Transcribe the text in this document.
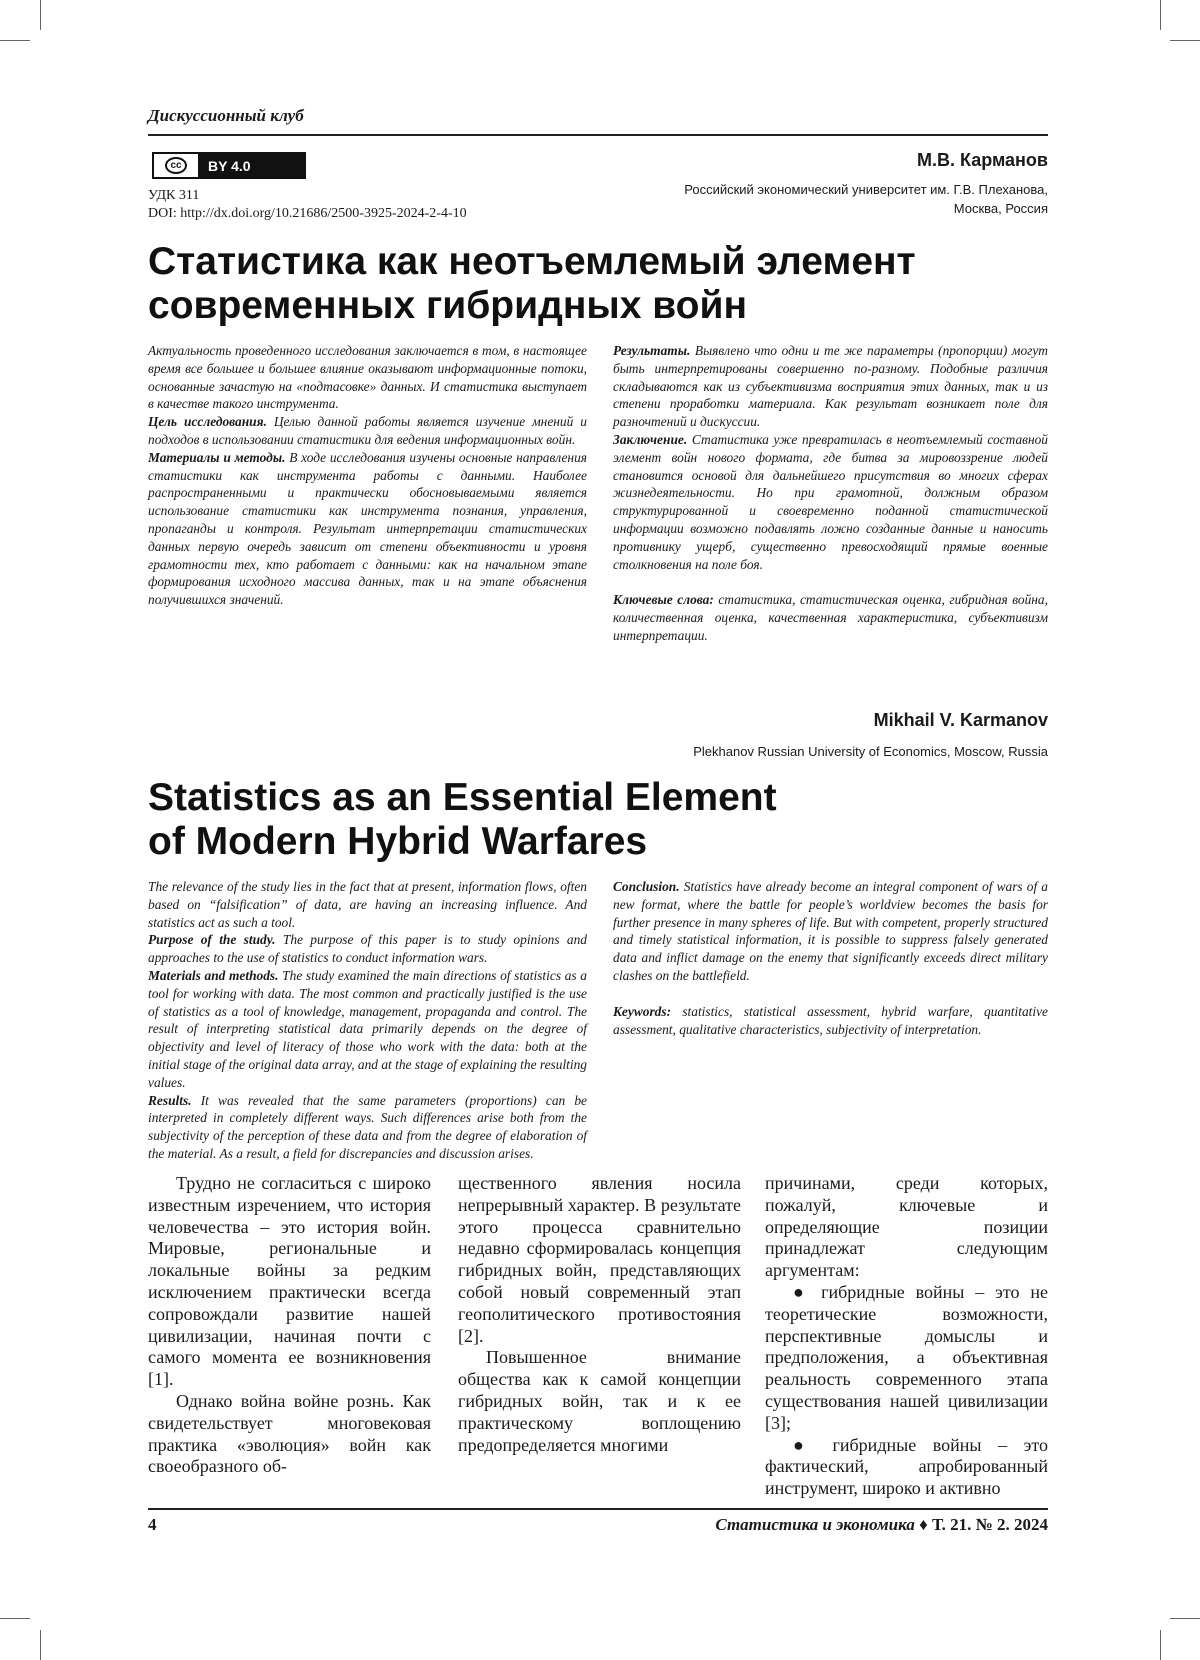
Дискуссионный клуб
cc	BY 4.0
УДК 311
DOI: http://dx.doi.org/10.21686/2500-3925-2024-2-4-10
М.В. Карманов
Российский экономический университет им. Г.В. Плеханова,
Москва, Россия
Статистика как неотъемлемый элемент
современных гибридных войн

Актуальность проведенного исследования заключается в том, в настоящее время все большее и большее влияние оказывают информационные потоки, основанные зачастую на «подтасовке» данных. И статистика выступает в качестве такого инструмента.

Цель исследования. Целью данной работы является изучение мнений и подходов в использовании статистики для ведения информационных войн.

Материалы и методы. В ходе исследования изучены основные направления статистики как инструмента работы с данными. Наиболее распространенными и практически обосновываемыми является использование статистики как инструмента познания, управления, пропаганды и контроля. Результат интерпретации статистических данных первую очередь зависит от степени объективности и уровня грамотности тех, кто работает с данными: как на начальном этапе формирования исходного массива данных, так и на этапе объяснения получившихся значений.

Результаты. Выявлено что одни и те же параметры (пропорции) могут быть интерпретированы совершенно по-разному. Подобные различия складываются как из субъективизма восприятия этих данных, так и из степени проработки материала. Как результат возникает поле для разночтений и дискуссии.

Заключение. Статистика уже превратилась в неотъемлемый составной элемент войн нового формата, где битва за мировоззрение людей становится основой для дальнейшего присутствия во многих сферах жизнедеятельности. Но при грамотной, должным образом структурированной и своевременно поданной статистической информации возможно подавлять ложно созданные данные и наносить противнику ущерб, существенно превосходящий прямые военные столкновения на поле боя.

Ключевые слова: статистика, статистическая оценка, гибридная война, количественная оценка, качественная характеристика, субъективизм интерпретации.

Mikhail V. Karmanov
Plekhanov Russian University of Economics, Moscow, Russia
Statistics as an Essential Element
of Modern Hybrid Warfares

The relevance of the study lies in the fact that at present, information flows, often based on “falsification” of data, are having an increasing influence. And statistics act as such a tool.

Purpose of the study. The purpose of this paper is to study opinions and approaches to the use of statistics to conduct information wars.

Materials and methods. The study examined the main directions of statistics as a tool for working with data. The most common and practically justified is the use of statistics as a tool of knowledge, management, propaganda and control. The result of interpreting statistical data primarily depends on the degree of objectivity and level of literacy of those who work with the data: both at the initial stage of the original data array, and at the stage of explaining the resulting values.

Results. It was revealed that the same parameters (proportions) can be interpreted in completely different ways. Such differences arise both from the subjectivity of the perception of these data and from the degree of elaboration of the material. As a result, a field for discrepancies and discussion arises.

Conclusion. Statistics have already become an integral component of wars of a new format, where the battle for people’s worldview becomes the basis for further presence in many spheres of life. But with competent, properly structured and timely statistical information, it is possible to suppress falsely generated data and inflict damage on the enemy that significantly exceeds direct military clashes on the battlefield.

Keywords: statistics, statistical assessment, hybrid warfare, quantitative assessment, qualitative characteristics, subjectivity of interpretation.

Трудно не согласиться с широко известным изречением, что история человечества – это история войн. Мировые, региональные и локальные войны за редким исключением практически всегда сопровождали развитие нашей цивилизации, начиная почти с самого момента ее возникновения [1].

Однако война войне рознь. Как свидетельствует многовековая практика «эволюция» войн как своеобразного об-

щественного явления носила непрерывный характер. В результате этого процесса сравнительно недавно сформировалась концепция гибридных войн, представляющих собой новый современный этап геополитического противостояния [2].

Повышенное внимание общества как к самой концепции гибридных войн, так и к ее практическому воплощению предопределяется многими

причинами, среди которых, пожалуй, ключевые и определяющие позиции принадлежат следующим аргументам:

● гибридные войны – это не теоретические возможности, перспективные домыслы и предположения, а объективная реальность современного этапа существования нашей цивилизации [3];

● гибридные войны – это фактический, апробированный инструмент, широко и активно

4	Статистика и экономика ♦ Т. 21. № 2. 2024
